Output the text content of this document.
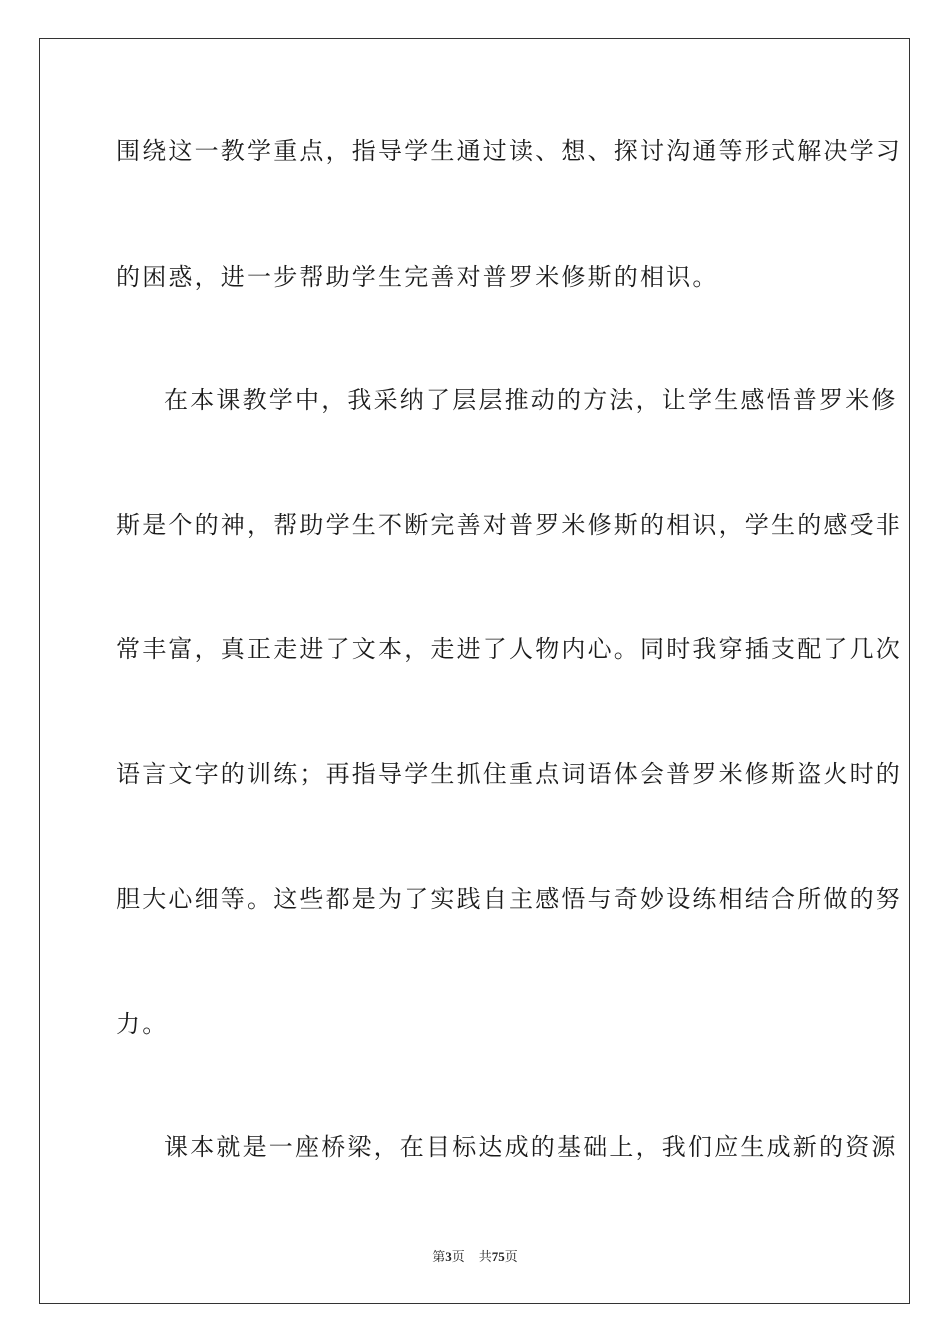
围绕这一教学重点，指导学生通过读、想、探讨沟通等形式解决学习

的困惑，进一步帮助学生完善对普罗米修斯的相识。

在本课教学中，我采纳了层层推动的方法，让学生感悟普罗米修

斯是个的神，帮助学生不断完善对普罗米修斯的相识，学生的感受非

常丰富，真正走进了文本，走进了人物内心。同时我穿插支配了几次

语言文字的训练；再指导学生抓住重点词语体会普罗米修斯盗火时的

胆大心细等。这些都是为了实践自主感悟与奇妙设练相结合所做的努

力。

课本就是一座桥梁，在目标达成的基础上，我们应生成新的资源

第3页 共75页
